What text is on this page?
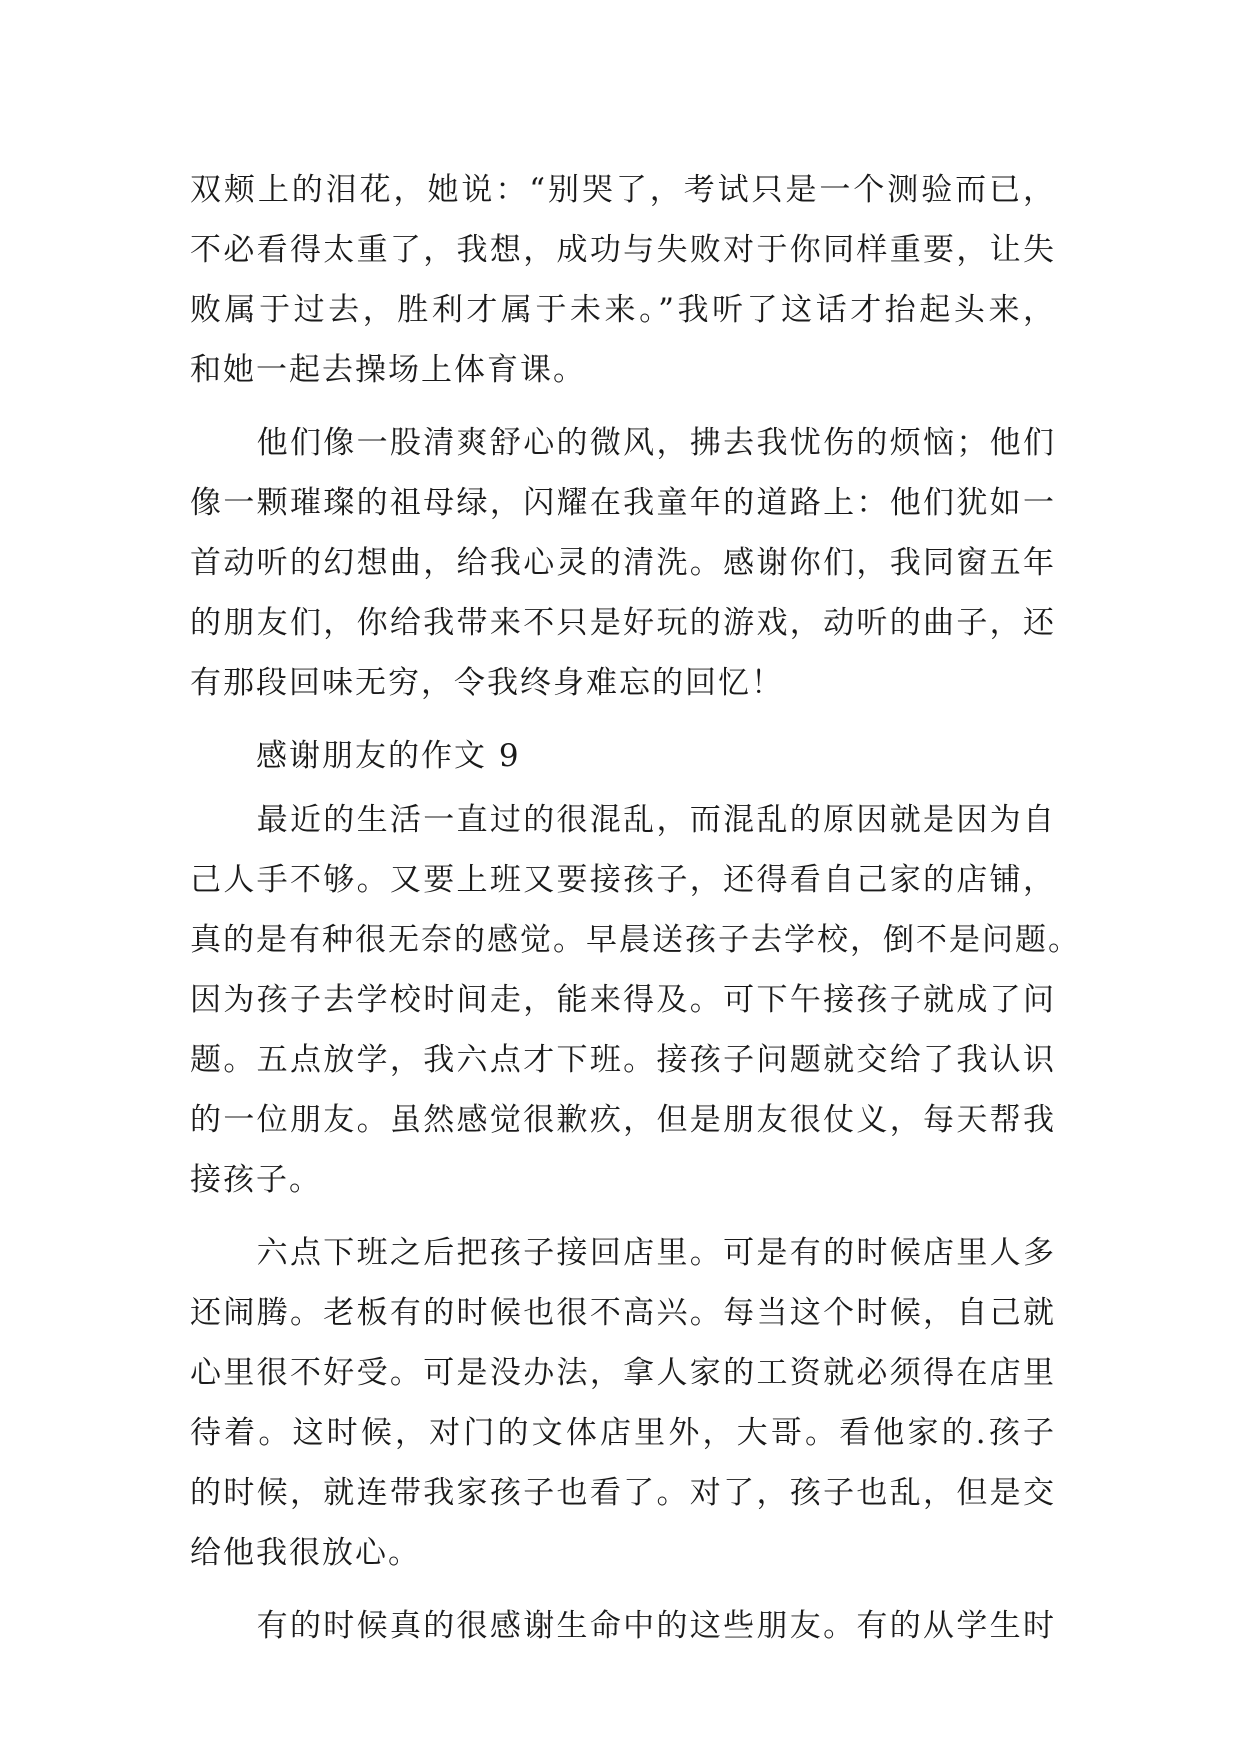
双颊上的泪花，她说：“别哭了，考试只是一个测验而已，
不必看得太重了，我想，成功与失败对于你同样重要，让失
败属于过去，胜利才属于未来。”我听了这话才抬起头来，
和她一起去操场上体育课。
　　他们像一股清爽舒心的微风，拂去我忧伤的烦恼；他们
像一颗璀璨的祖母绿，闪耀在我童年的道路上：他们犹如一
首动听的幻想曲，给我心灵的清洗。感谢你们，我同窗五年
的朋友们，你给我带来不只是好玩的游戏，动听的曲子，还
有那段回味无穷，令我终身难忘的回忆！
　　感谢朋友的作文 9
　　最近的生活一直过的很混乱，而混乱的原因就是因为自
己人手不够。又要上班又要接孩子，还得看自己家的店铺，
真的是有种很无奈的感觉。早晨送孩子去学校，倒不是问题。
因为孩子去学校时间走，能来得及。可下午接孩子就成了问
题。五点放学，我六点才下班。接孩子问题就交给了我认识
的一位朋友。虽然感觉很歉疚，但是朋友很仗义，每天帮我
接孩子。
　　六点下班之后把孩子接回店里。可是有的时候店里人多
还闹腾。老板有的时候也很不高兴。每当这个时候，自己就
心里很不好受。可是没办法，拿人家的工资就必须得在店里
待着。这时候，对门的文体店里外，大哥。看他家的.孩子
的时候，就连带我家孩子也看了。对了，孩子也乱，但是交
给他我很放心。
　　有的时候真的很感谢生命中的这些朋友。有的从学生时
